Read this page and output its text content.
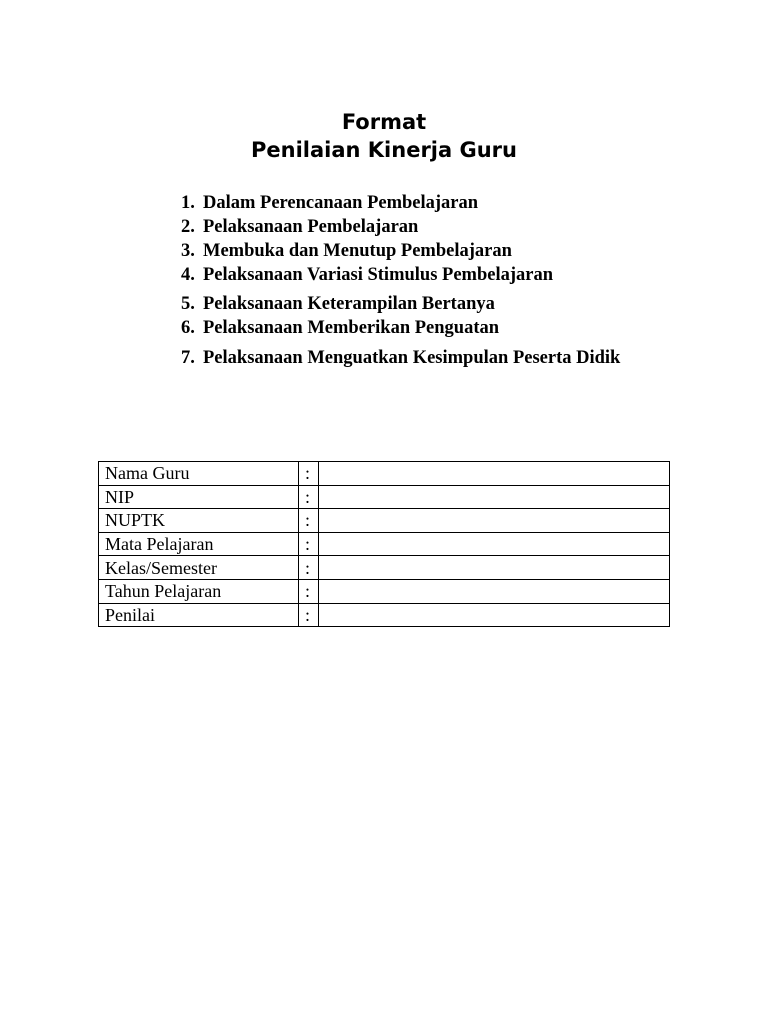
Format
Penilaian Kinerja Guru
1. Dalam Perencanaan Pembelajaran
2. Pelaksanaan Pembelajaran
3. Membuka dan Menutup Pembelajaran
4. Pelaksanaan Variasi Stimulus Pembelajaran
5. Pelaksanaan Keterampilan Bertanya
6. Pelaksanaan Memberikan Penguatan
7. Pelaksanaan Menguatkan Kesimpulan Peserta Didik
Nama Guru	:	
NIP	:	
NUPTK	:	
Mata Pelajaran	:	
Kelas/Semester	:	
Tahun Pelajaran	:	
Penilai	:	
